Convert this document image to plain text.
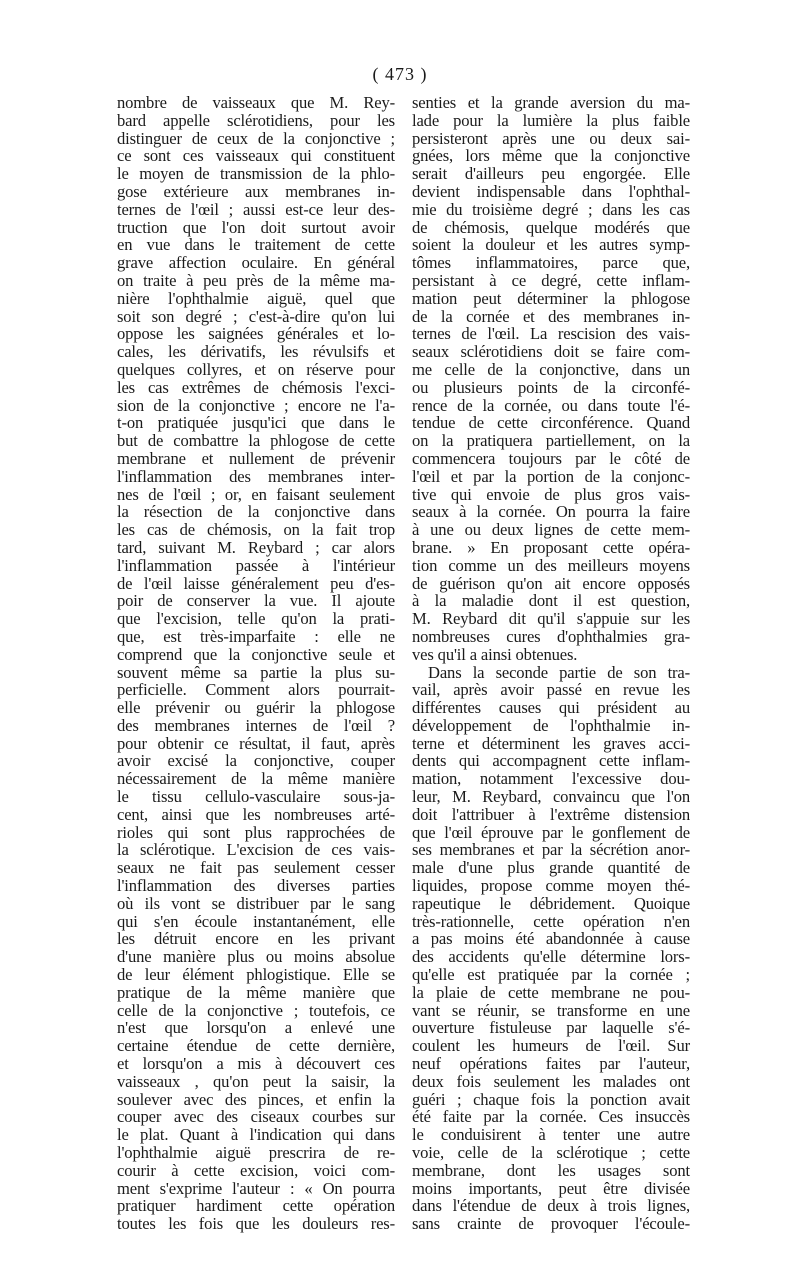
( 473 )
nombre de vaisseaux que M. Rey-
bard appelle sclérotidiens, pour les
distinguer de ceux de la conjonctive ;
ce sont ces vaisseaux qui constituent
le moyen de transmission de la phlo-
gose extérieure aux membranes in-
ternes de l'œil ; aussi est-ce leur des-
truction que l'on doit surtout avoir
en vue dans le traitement de cette
grave affection oculaire. En général
on traite à peu près de la même ma-
nière l'ophthalmie aiguë, quel que
soit son degré ; c'est-à-dire qu'on lui
oppose les saignées générales et lo-
cales, les dérivatifs, les révulsifs et
quelques collyres, et on réserve pour
les cas extrêmes de chémosis l'exci-
sion de la conjonctive ; encore ne l'a-
t-on pratiquée jusqu'ici que dans le
but de combattre la phlogose de cette
membrane et nullement de prévenir
l'inflammation des membranes inter-
nes de l'œil ; or, en faisant seulement
la résection de la conjonctive dans
les cas de chémosis, on la fait trop
tard, suivant M. Reybard ; car alors
l'inflammation passée à l'intérieur
de l'œil laisse généralement peu d'es-
poir de conserver la vue. Il ajoute
que l'excision, telle qu'on la prati-
que, est très-imparfaite : elle ne
comprend que la conjonctive seule et
souvent même sa partie la plus su-
perficielle. Comment alors pourrait-
elle prévenir ou guérir la phlogose
des membranes internes de l'œil ?
pour obtenir ce résultat, il faut, après
avoir excisé la conjonctive, couper
nécessairement de la même manière
le tissu cellulo-vasculaire sous-ja-
cent, ainsi que les nombreuses arté-
rioles qui sont plus rapprochées de
la sclérotique. L'excision de ces vais-
seaux ne fait pas seulement cesser
l'inflammation des diverses parties
où ils vont se distribuer par le sang
qui s'en écoule instantanément, elle
les détruit encore en les privant
d'une manière plus ou moins absolue
de leur élément phlogistique. Elle se
pratique de la même manière que
celle de la conjonctive ; toutefois, ce
n'est que lorsqu'on a enlevé une
certaine étendue de cette dernière,
et lorsqu'on a mis à découvert ces
vaisseaux , qu'on peut la saisir, la
soulever avec des pinces, et enfin la
couper avec des ciseaux courbes sur
le plat. Quant à l'indication qui dans
l'ophthalmie aiguë prescrira de re-
courir à cette excision, voici com-
ment s'exprime l'auteur : « On pourra
pratiquer hardiment cette opération
toutes les fois que les douleurs res-
senties et la grande aversion du ma-
lade pour la lumière la plus faible
persisteront après une ou deux sai-
gnées, lors même que la conjonctive
serait d'ailleurs peu engorgée. Elle
devient indispensable dans l'ophthal-
mie du troisième degré ; dans les cas
de chémosis, quelque modérés que
soient la douleur et les autres symp-
tômes inflammatoires, parce que,
persistant à ce degré, cette inflam-
mation peut déterminer la phlogose
de la cornée et des membranes in-
ternes de l'œil. La rescision des vais-
seaux sclérotidiens doit se faire com-
me celle de la conjonctive, dans un
ou plusieurs points de la circonfé-
rence de la cornée, ou dans toute l'é-
tendue de cette circonférence. Quand
on la pratiquera partiellement, on la
commencera toujours par le côté de
l'œil et par la portion de la conjonc-
tive qui envoie de plus gros vais-
seaux à la cornée. On pourra la faire
à une ou deux lignes de cette mem-
brane. » En proposant cette opéra-
tion comme un des meilleurs moyens
de guérison qu'on ait encore opposés
à la maladie dont il est question,
M. Reybard dit qu'il s'appuie sur les
nombreuses cures d'ophthalmies gra-
ves qu'il a ainsi obtenues.
Dans la seconde partie de son tra-
vail, après avoir passé en revue les
différentes causes qui président au
développement de l'ophthalmie in-
terne et déterminent les graves acci-
dents qui accompagnent cette inflam-
mation, notamment l'excessive dou-
leur, M. Reybard, convaincu que l'on
doit l'attribuer à l'extrême distension
que l'œil éprouve par le gonflement de
ses membranes et par la sécrétion anor-
male d'une plus grande quantité de
liquides, propose comme moyen thé-
rapeutique le débridement. Quoique
très-rationnelle, cette opération n'en
a pas moins été abandonnée à cause
des accidents qu'elle détermine lors-
qu'elle est pratiquée par la cornée ;
la plaie de cette membrane ne pou-
vant se réunir, se transforme en une
ouverture fistuleuse par laquelle s'é-
coulent les humeurs de l'œil. Sur
neuf opérations faites par l'auteur,
deux fois seulement les malades ont
guéri ; chaque fois la ponction avait
été faite par la cornée. Ces insuccès
le conduisirent à tenter une autre
voie, celle de la sclérotique ; cette
membrane, dont les usages sont
moins importants, peut être divisée
dans l'étendue de deux à trois lignes,
sans crainte de provoquer l'écoule-
